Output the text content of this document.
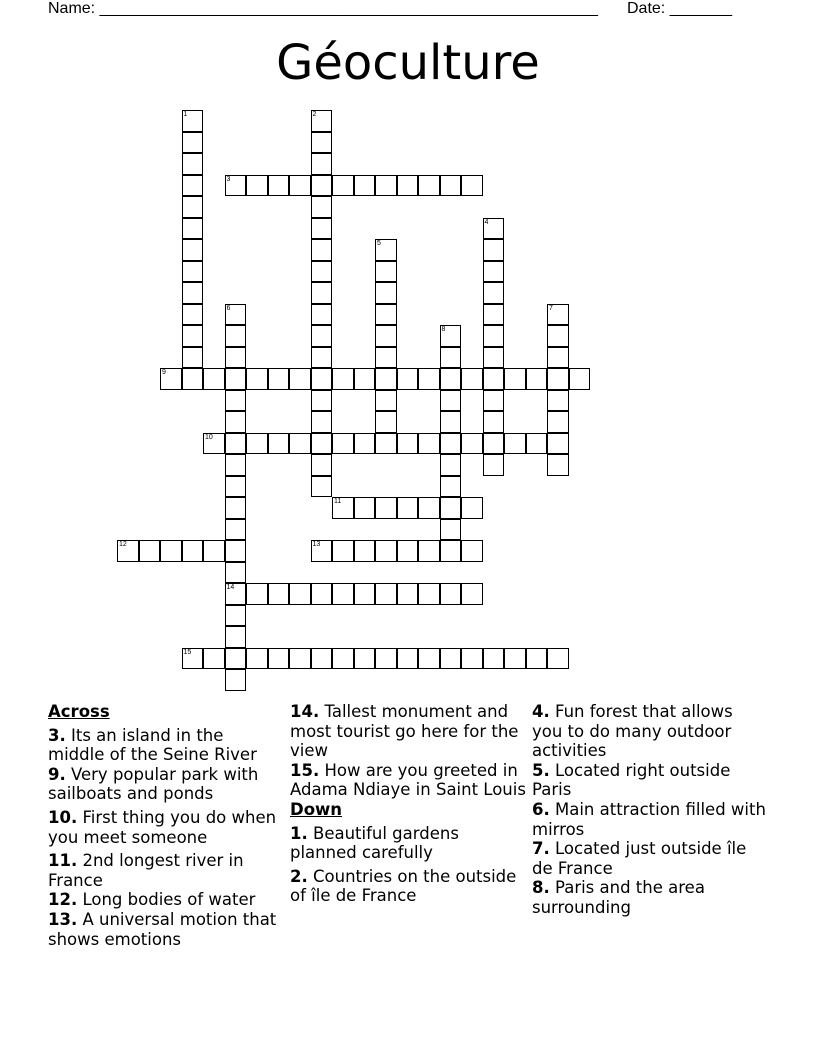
Name: ________________________________________________________ Date: _______
Géoculture
1	2
3
4
5
6
14
7
8
9
10
11
12	13
15
Across
3. Its an island in the middle of the Seine River
9. Very popular park with sailboats and ponds
10. First thing you do when you meet someone
11. 2nd longest river in France
12. Long bodies of water
13. A universal motion that shows emotions
14. Tallest monument and most tourist go here for the view
15. How are you greeted in Adama Ndiaye in Saint Louis
Down
1. Beautiful gardens planned carefully
2. Countries on the outside of île de France
4. Fun forest that allows you to do many outdoor activities
5. Located right outside Paris
6. Main attraction filled with mirros
7. Located just outside île de France
8. Paris and the area surrounding
